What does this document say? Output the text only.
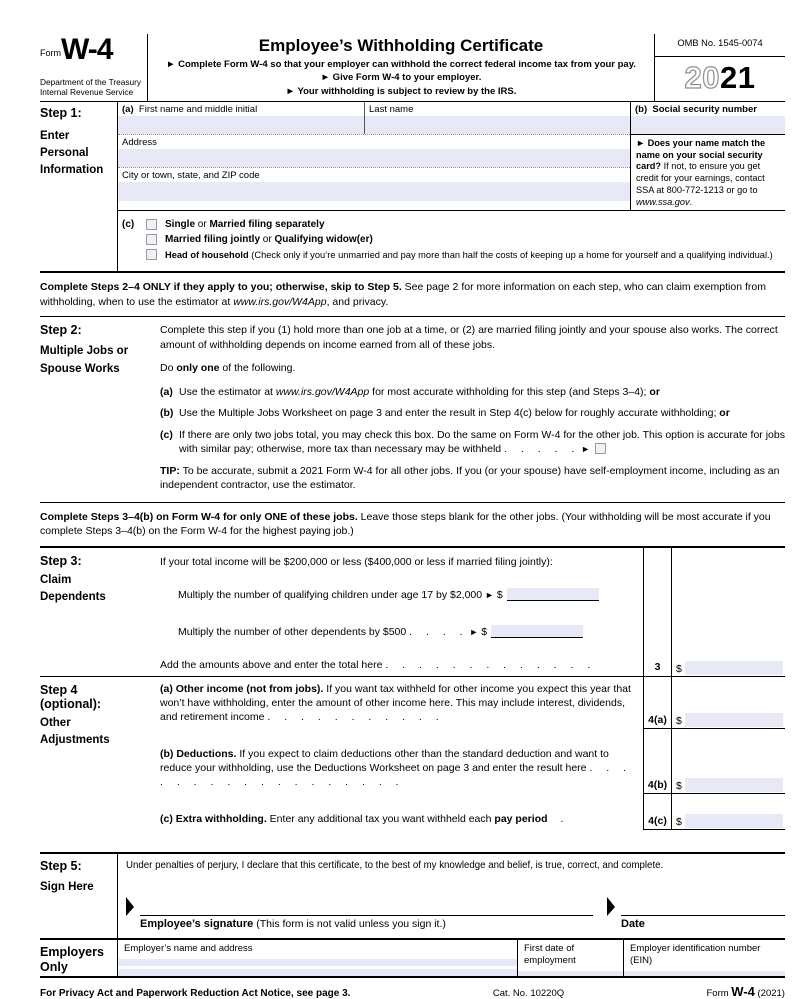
Form W-4
Department of the Treasury
Internal Revenue Service
Employee’s Withholding Certificate
► Complete Form W-4 so that your employer can withhold the correct federal income tax from your pay.
► Give Form W-4 to your employer.
► Your withholding is subject to review by the IRS.
OMB No. 1545-0074
2021
Step 1:
Enter Personal Information
(a) First name and middle initial	Last name
Address
City or town, state, and ZIP code
(b) Social security number
► Does your name match the name on your social security card? If not, to ensure you get credit for your earnings, contact SSA at 800-772-1213 or go to www.ssa.gov.
(c)	Single or Married filing separately
Married filing jointly or Qualifying widow(er)
Head of household (Check only if you’re unmarried and pay more than half the costs of keeping up a home for yourself and a qualifying individual.)

Complete Steps 2–4 ONLY if they apply to you; otherwise, skip to Step 5. See page 2 for more information on each step, who can claim exemption from withholding, when to use the estimator at www.irs.gov/W4App, and privacy.

Step 2:
Multiple Jobs or Spouse Works

Complete this step if you (1) hold more than one job at a time, or (2) are married filing jointly and your spouse also works. The correct amount of withholding depends on income earned from all of these jobs.

Do only one of the following.

(a) Use the estimator at www.irs.gov/W4App for most accurate withholding for this step (and Steps 3–4); or
(b) Use the Multiple Jobs Worksheet on page 3 and enter the result in Step 4(c) below for roughly accurate withholding; or
(c) If there are only two jobs total, you may check this box. Do the same on Form W-4 for the other job. This option is accurate for jobs with similar pay; otherwise, more tax than necessary may be withheld . . . . . ►

TIP: To be accurate, submit a 2021 Form W-4 for all other jobs. If you (or your spouse) have self-employment income, including as an independent contractor, use the estimator.

Complete Steps 3–4(b) on Form W-4 for only ONE of these jobs. Leave those steps blank for the other jobs. (Your withholding will be most accurate if you complete Steps 3–4(b) on the Form W-4 for the highest paying job.)

Step 3:
Claim Dependents
If your total income will be $200,000 or less ($400,000 or less if married filing jointly):
Multiply the number of qualifying children under age 17 by $2,000 ► $
Multiply the number of other dependents by $500 . . . . ► $
Add the amounts above and enter the total here . . . . . . . . . . . . .	3 $
Step 4
(optional):
Other Adjustments
(a) Other income (not from jobs). If you want tax withheld for other income you expect this year that won’t have withholding, enter the amount of other income here. This may include interest, dividends, and retirement income . . . . . . . . . . .	4(a) $
(b) Deductions. If you expect to claim deductions other than the standard deduction and want to reduce your withholding, use the Deductions Worksheet on page 3 and enter the result here . . . . . . . . . . . . . . . . . .	4(b) $
(c) Extra withholding. Enter any additional tax you want withheld each pay period .	4(c) $
Step 5:
Sign Here
Under penalties of perjury, I declare that this certificate, to the best of my knowledge and belief, is true, correct, and complete.
Employee’s signature (This form is not valid unless you sign it.)	Date
Employers Only
Employer’s name and address	First date of employment
Employer identification number (EIN)
For Privacy Act and Paperwork Reduction Act Notice, see page 3.	Cat. No. 10220Q	Form W-4 (2021)
